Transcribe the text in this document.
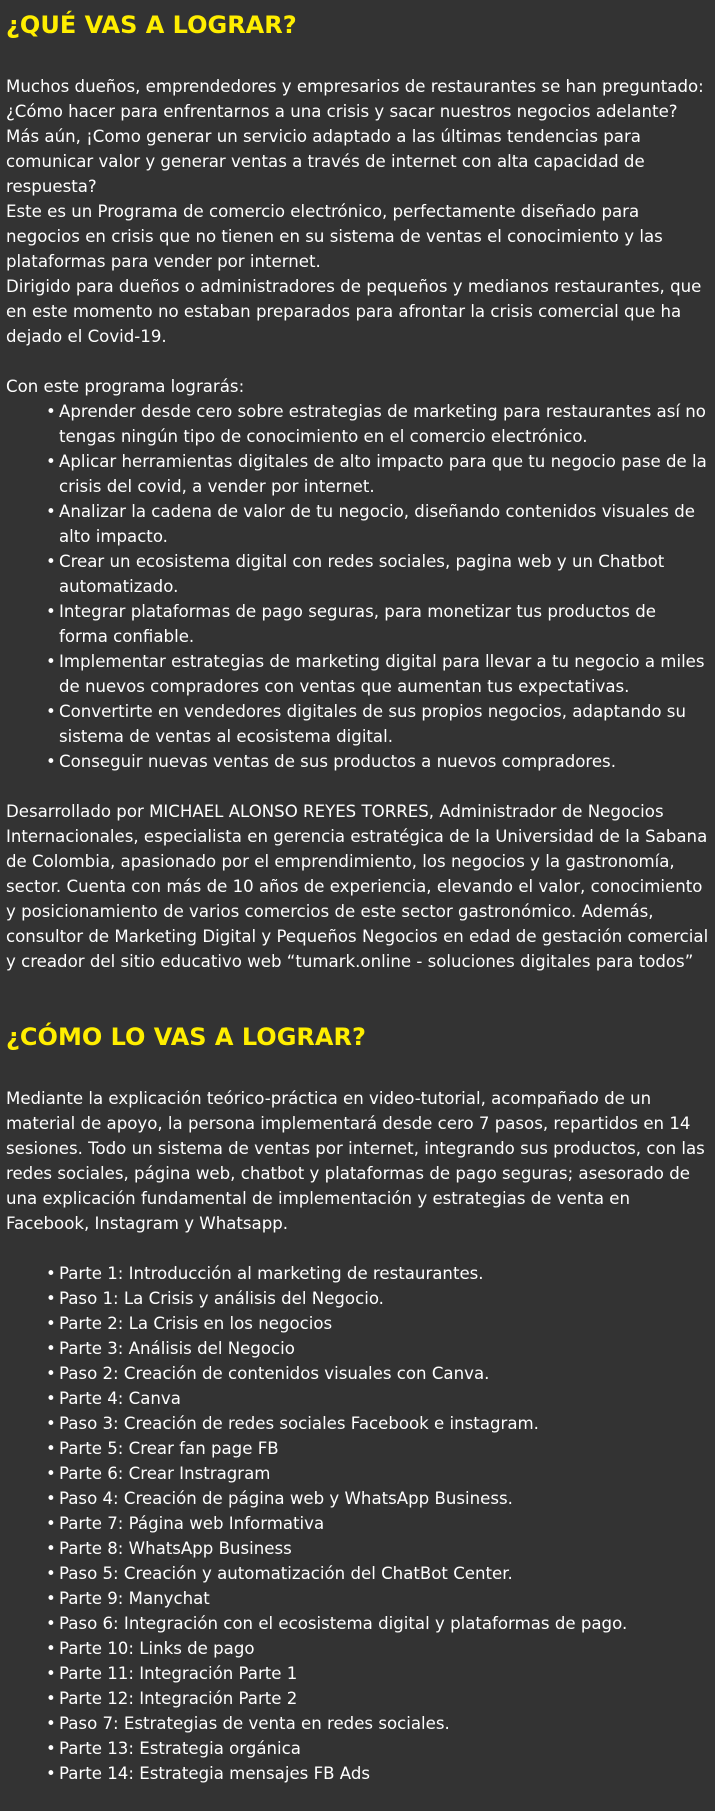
¿QUÉ VAS A LOGRAR?

Muchos dueños, emprendedores y empresarios de restaurantes se han preguntado: ¿Cómo hacer para enfrentarnos a una crisis y sacar nuestros negocios adelante? Más aún, ¡Como generar un servicio adaptado a las últimas tendencias para comunicar valor y generar ventas a través de internet con alta capacidad de respuesta?

Este es un Programa de comercio electrónico, perfectamente diseñado para negocios en crisis que no tienen en su sistema de ventas el conocimiento y las plataformas para vender por internet.

Dirigido para dueños o administradores de pequeños y medianos restaurantes, que en este momento no estaban preparados para afrontar la crisis comercial que ha dejado el Covid-19.

Con este programa lograrás:

• Aprender desde cero sobre estrategias de marketing para restaurantes así no tengas ningún tipo de conocimiento en el comercio electrónico.
• Aplicar herramientas digitales de alto impacto para que tu negocio pase de la crisis del covid, a vender por internet.
• Analizar la cadena de valor de tu negocio, diseñando contenidos visuales de alto impacto.
• Crear un ecosistema digital con redes sociales, pagina web y un Chatbot automatizado.
• Integrar plataformas de pago seguras, para monetizar tus productos de forma confiable.
• Implementar estrategias de marketing digital para llevar a tu negocio a miles de nuevos compradores con ventas que aumentan tus expectativas.
• Convertirte en vendedores digitales de sus propios negocios, adaptando su sistema de ventas al ecosistema digital.
• Conseguir nuevas ventas de sus productos a nuevos compradores.

Desarrollado por MICHAEL ALONSO REYES TORRES, Administrador de Negocios Internacionales, especialista en gerencia estratégica de la Universidad de la Sabana de Colombia, apasionado por el emprendimiento, los negocios y la gastronomía, sector. Cuenta con más de 10 años de experiencia, elevando el valor, conocimiento y posicionamiento de varios comercios de este sector gastronómico. Además, consultor de Marketing Digital y Pequeños Negocios en edad de gestación comercial y creador del sitio educativo web “tumark.online - soluciones digitales para todos”

¿CÓMO LO VAS A LOGRAR?

Mediante la explicación teórico-práctica en video-tutorial, acompañado de un material de apoyo, la persona implementará desde cero 7 pasos, repartidos en 14 sesiones. Todo un sistema de ventas por internet, integrando sus productos, con las redes sociales, página web, chatbot y plataformas de pago seguras; asesorado de una explicación fundamental de implementación y estrategias de venta en Facebook, Instagram y Whatsapp.

• Parte 1: Introducción al marketing de restaurantes.
• Paso 1: La Crisis y análisis del Negocio.
• Parte 2: La Crisis en los negocios
• Parte 3: Análisis del Negocio
• Paso 2: Creación de contenidos visuales con Canva.
• Parte 4: Canva
• Paso 3: Creación de redes sociales Facebook e instagram.
• Parte 5: Crear fan page FB
• Parte 6: Crear Instragram
• Paso 4: Creación de página web y WhatsApp Business.
• Parte 7: Página web Informativa
• Parte 8: WhatsApp Business
• Paso 5: Creación y automatización del ChatBot Center.
• Parte 9: Manychat
• Paso 6: Integración con el ecosistema digital y plataformas de pago.
• Parte 10: Links de pago
• Parte 11: Integración Parte 1
• Parte 12: Integración Parte 2
• Paso 7: Estrategias de venta en redes sociales.
• Parte 13: Estrategia orgánica
• Parte 14: Estrategia mensajes FB Ads
